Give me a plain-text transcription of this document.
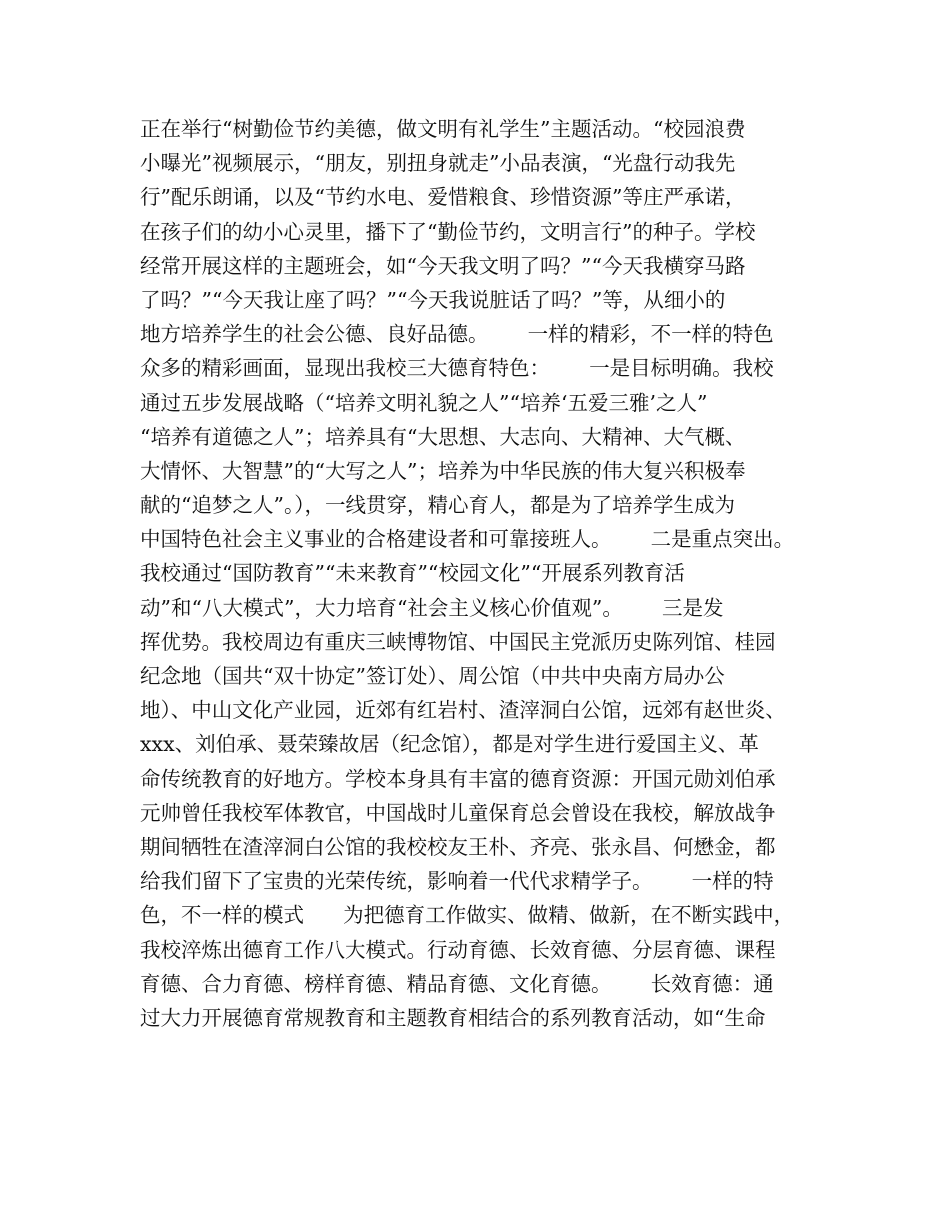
正在举行“树勤俭节约美德，做文明有礼学生”主题活动。“校园浪费
小曝光”视频展示，“朋友，别扭身就走”小品表演，“光盘行动我先
行”配乐朗诵，以及“节约水电、爱惜粮食、珍惜资源”等庄严承诺，
在孩子们的幼小心灵里，播下了“勤俭节约，文明言行”的种子。学校
经常开展这样的主题班会，如“今天我文明了吗？”“今天我横穿马路
了吗？”“今天我让座了吗？”“今天我说脏话了吗？”等，从细小的
地方培养学生的社会公德、良好品德。      一样的精彩，不一样的特色
众多的精彩画面，显现出我校三大德育特色：      一是目标明确。我校
通过五步发展战略（“培养文明礼貌之人”“培养‘五爱三雅’之人”
“培养有道德之人”；培养具有“大思想、大志向、大精神、大气概、
大情怀、大智慧”的“大写之人”；培养为中华民族的伟大复兴积极奉
献的“追梦之人”。），一线贯穿，精心育人，都是为了培养学生成为
中国特色社会主义事业的合格建设者和可靠接班人。      二是重点突出。
我校通过“国防教育”“未来教育”“校园文化”“开展系列教育活
动”和“八大模式”，大力培育“社会主义核心价值观”。      三是发
挥优势。我校周边有重庆三峡博物馆、中国民主党派历史陈列馆、桂园
纪念地（国共“双十协定”签订处）、周公馆（中共中央南方局办公
地）、中山文化产业园，近郊有红岩村、渣滓洞白公馆，远郊有赵世炎、
xxx、刘伯承、聂荣臻故居（纪念馆），都是对学生进行爱国主义、革
命传统教育的好地方。学校本身具有丰富的德育资源：开国元勋刘伯承
元帅曾任我校军体教官，中国战时儿童保育总会曾设在我校，解放战争
期间牺牲在渣滓洞白公馆的我校校友王朴、齐亮、张永昌、何懋金，都
给我们留下了宝贵的光荣传统，影响着一代代求精学子。      一样的特
色，不一样的模式      为把德育工作做实、做精、做新，在不断实践中，
我校淬炼出德育工作八大模式。行动育德、长效育德、分层育德、课程
育德、合力育德、榜样育德、精品育德、文化育德。      长效育德：通
过大力开展德育常规教育和主题教育相结合的系列教育活动，如“生命
